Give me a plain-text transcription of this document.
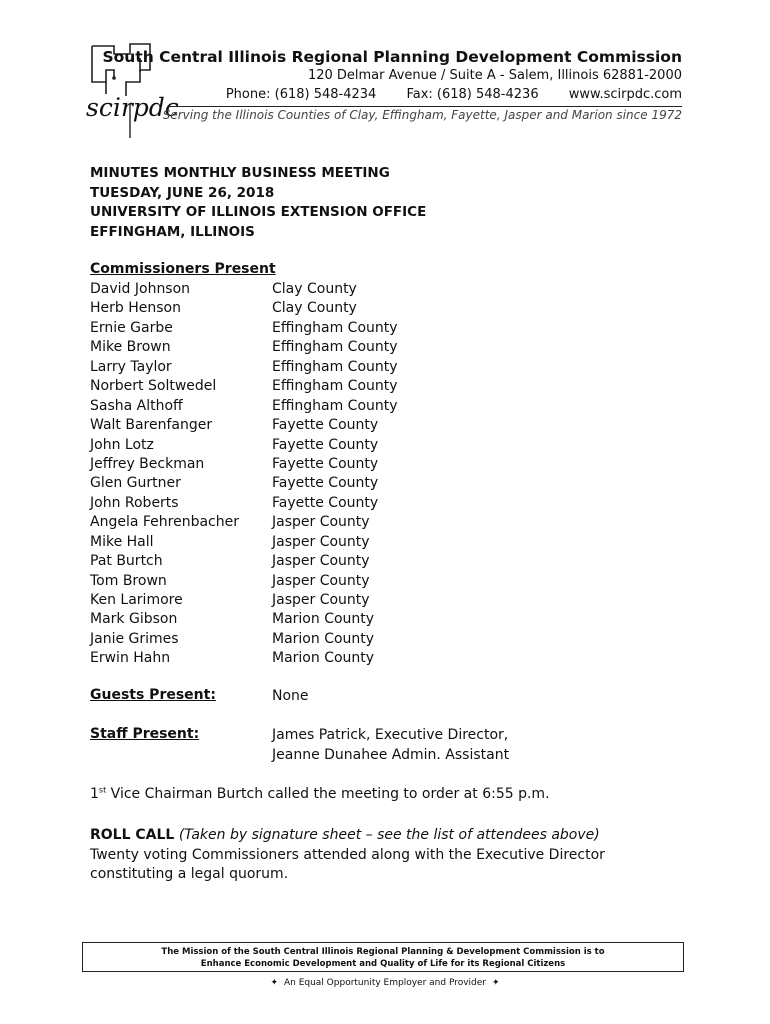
scirpdc
South Central Illinois Regional Planning Development Commission
120 Delmar Avenue / Suite A - Salem, Illinois 62881-2000
Phone: (618) 548-4234 Fax: (618) 548-4236 www.scirpdc.com
Serving the Illinois Counties of Clay, Effingham, Fayette, Jasper and Marion since 1972
MINUTES MONTHLY BUSINESS MEETING
TUESDAY, JUNE 26, 2018
UNIVERSITY OF ILLINOIS EXTENSION OFFICE
EFFINGHAM, ILLINOIS
Commissioners Present
David Johnson	Clay County
Herb Henson	Clay County
Ernie Garbe	Effingham County
Mike Brown	Effingham County
Larry Taylor	Effingham County
Norbert Soltwedel	Effingham County
Sasha Althoff	Effingham County
Walt Barenfanger	Fayette County
John Lotz	Fayette County
Jeffrey Beckman	Fayette County
Glen Gurtner	Fayette County
John Roberts	Fayette County
Angela Fehrenbacher	Jasper County
Mike Hall	Jasper County
Pat Burtch	Jasper County
Tom Brown	Jasper County
Ken Larimore	Jasper County
Mark Gibson	Marion County
Janie Grimes	Marion County
Erwin Hahn	Marion County
Guests Present:	None
Staff Present:	James Patrick, Executive Director,
Jeanne Dunahee Admin. Assistant
1st Vice Chairman Burtch called the meeting to order at 6:55 p.m.
ROLL CALL (Taken by signature sheet – see the list of attendees above)
Twenty voting Commissioners attended along with the Executive Director constituting a legal quorum.
The Mission of the South Central Illinois Regional Planning & Development Commission is to
Enhance Economic Development and Quality of Life for its Regional Citizens
✦ An Equal Opportunity Employer and Provider ✦
